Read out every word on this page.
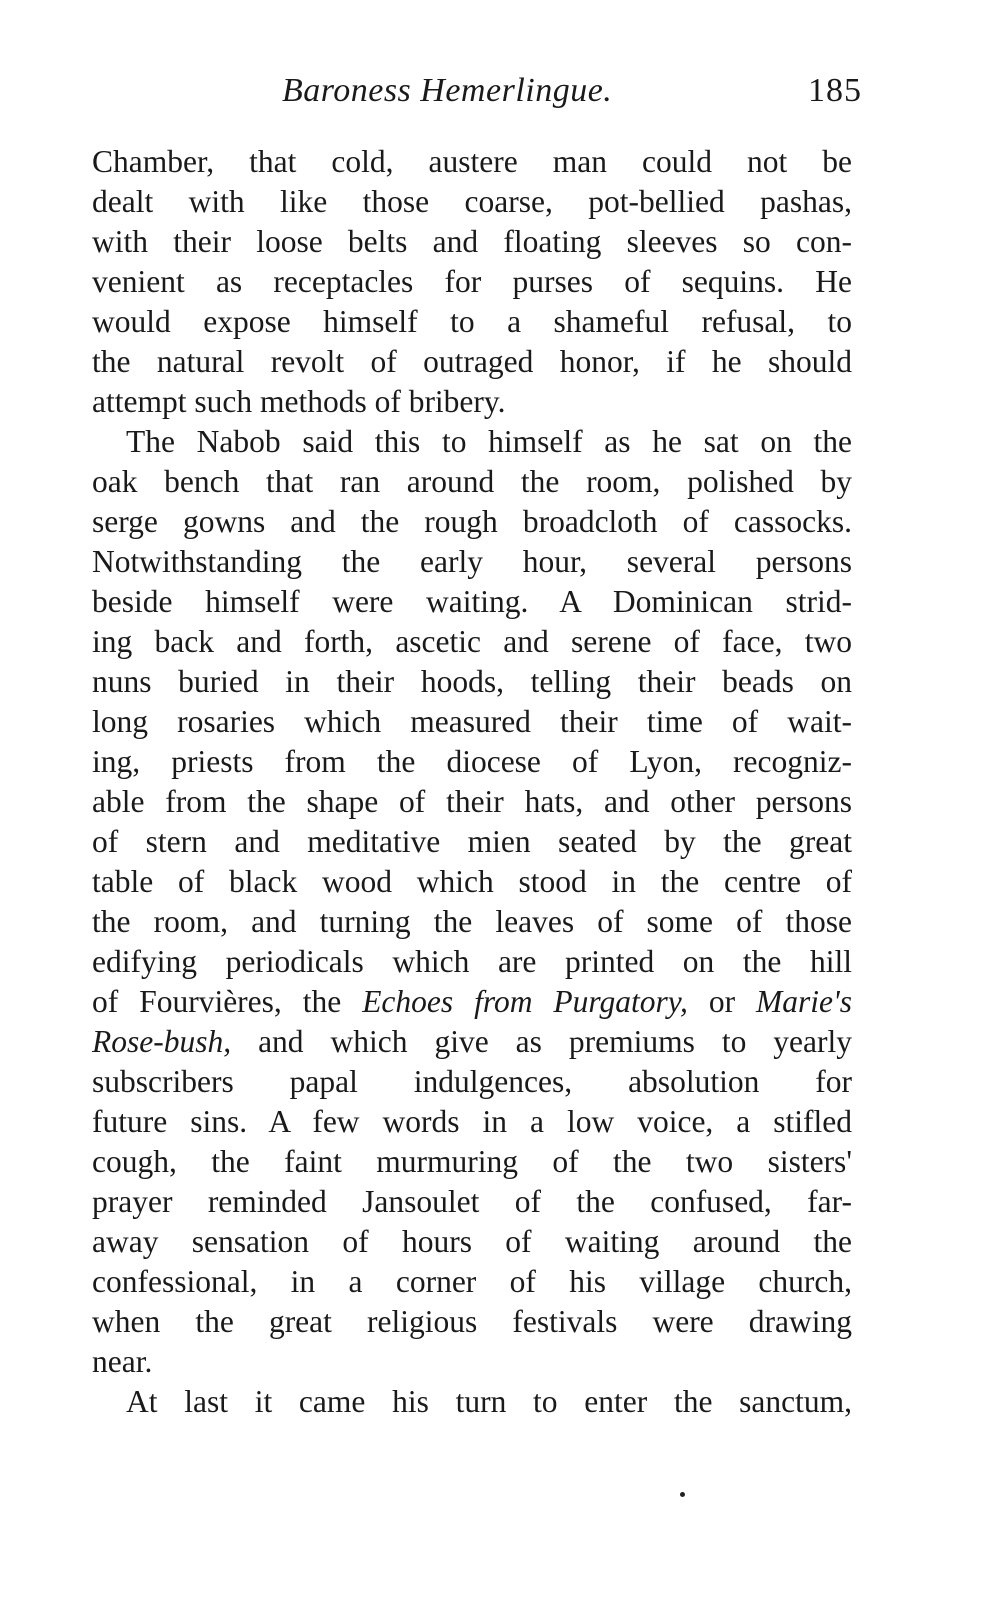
Baroness Hemerlingue.	185
Chamber, that cold, austere man could not be
dealt with like those coarse, pot-bellied pashas,
with their loose belts and floating sleeves so con-
venient as receptacles for purses of sequins. He
would expose himself to a shameful refusal, to
the natural revolt of outraged honor, if he should
attempt such methods of bribery.
The Nabob said this to himself as he sat on the
oak bench that ran around the room, polished by
serge gowns and the rough broadcloth of cassocks.
Notwithstanding the early hour, several persons
beside himself were waiting. A Dominican strid-
ing back and forth, ascetic and serene of face, two
nuns buried in their hoods, telling their beads on
long rosaries which measured their time of wait-
ing, priests from the diocese of Lyon, recogniz-
able from the shape of their hats, and other persons
of stern and meditative mien seated by the great
table of black wood which stood in the centre of
the room, and turning the leaves of some of those
edifying periodicals which are printed on the hill
of Fourvières, the Echoes from Purgatory, or Marie's
Rose-bush, and which give as premiums to yearly
subscribers papal indulgences, absolution for
future sins. A few words in a low voice, a stifled
cough, the faint murmuring of the two sisters'
prayer reminded Jansoulet of the confused, far-
away sensation of hours of waiting around the
confessional, in a corner of his village church,
when the great religious festivals were drawing
near.
At last it came his turn to enter the sanctum,
